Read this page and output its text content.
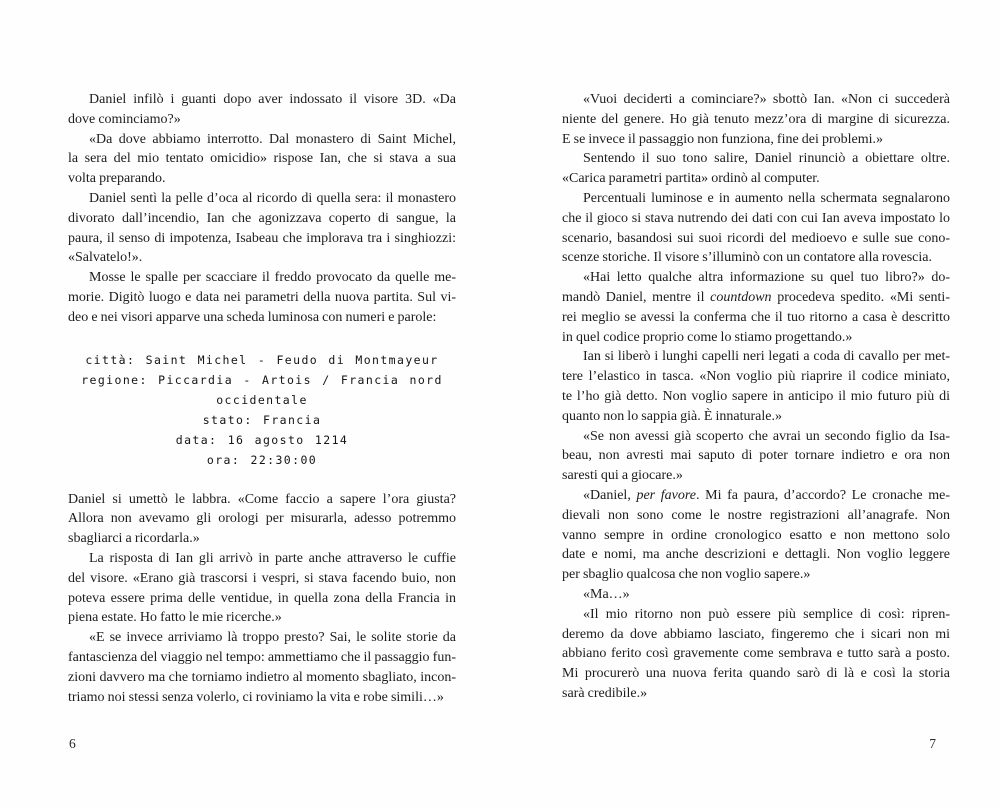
Daniel infilò i guanti dopo aver indossato il visore 3D. «Da
dove cominciamo?»
«Da dove abbiamo interrotto. Dal monastero di Saint Michel,
la sera del mio tentato omicidio» rispose Ian, che si stava a sua
volta preparando.
Daniel sentì la pelle d’oca al ricordo di quella sera: il monastero
divorato dall’incendio, Ian che agonizzava coperto di sangue, la
paura, il senso di impotenza, Isabeau che implorava tra i singhiozzi:
«Salvatelo!».
Mosse le spalle per scacciare il freddo provocato da quelle me-
morie. Digitò luogo e data nei parametri della nuova partita. Sul vi-
deo e nei visori apparve una scheda luminosa con numeri e parole:
città: Saint Michel - Feudo di Montmayeur
regione: Piccardia - Artois / Francia nord
occidentale
stato: Francia
data: 16 agosto 1214
ora: 22:30:00
Daniel si umettò le labbra. «Come faccio a sapere l’ora giusta?
Allora non avevamo gli orologi per misurarla, adesso potremmo
sbagliarci a ricordarla.»
La risposta di Ian gli arrivò in parte anche attraverso le cuffie
del visore. «Erano già trascorsi i vespri, si stava facendo buio, non
poteva essere prima delle ventidue, in quella zona della Francia in
piena estate. Ho fatto le mie ricerche.»
«E se invece arriviamo là troppo presto? Sai, le solite storie da
fantascienza del viaggio nel tempo: ammettiamo che il passaggio fun-
zioni davvero ma che torniamo indietro al momento sbagliato, incon-
triamo noi stessi senza volerlo, ci roviniamo la vita e robe simili…»
6
«Vuoi deciderti a cominciare?» sbottò Ian. «Non ci succederà
niente del genere. Ho già tenuto mezz’ora di margine di sicurezza.
E se invece il passaggio non funziona, fine dei problemi.»
Sentendo il suo tono salire, Daniel rinunciò a obiettare oltre.
«Carica parametri partita» ordinò al computer.
Percentuali luminose e in aumento nella schermata segnalarono
che il gioco si stava nutrendo dei dati con cui Ian aveva impostato lo
scenario, basandosi sui suoi ricordi del medioevo e sulle sue cono-
scenze storiche. Il visore s’illuminò con un contatore alla rovescia.
«Hai letto qualche altra informazione su quel tuo libro?» do-
mandò Daniel, mentre il countdown procedeva spedito. «Mi senti-
rei meglio se avessi la conferma che il tuo ritorno a casa è descritto
in quel codice proprio come lo stiamo progettando.»
Ian si liberò i lunghi capelli neri legati a coda di cavallo per met-
tere l’elastico in tasca. «Non voglio più riaprire il codice miniato,
te l’ho già detto. Non voglio sapere in anticipo il mio futuro più di
quanto non lo sappia già. È innaturale.»
«Se non avessi già scoperto che avrai un secondo figlio da Isa-
beau, non avresti mai saputo di poter tornare indietro e ora non
saresti qui a giocare.»
«Daniel, per favore. Mi fa paura, d’accordo? Le cronache me-
dievali non sono come le nostre registrazioni all’anagrafe. Non
vanno sempre in ordine cronologico esatto e non mettono solo
date e nomi, ma anche descrizioni e dettagli. Non voglio leggere
per sbaglio qualcosa che non voglio sapere.»
«Ma…»
«Il mio ritorno non può essere più semplice di così: ripren-
deremo da dove abbiamo lasciato, fingeremo che i sicari non mi
abbiano ferito così gravemente come sembrava e tutto sarà a posto.
Mi procurerò una nuova ferita quando sarò di là e così la storia
sarà credibile.»
7
